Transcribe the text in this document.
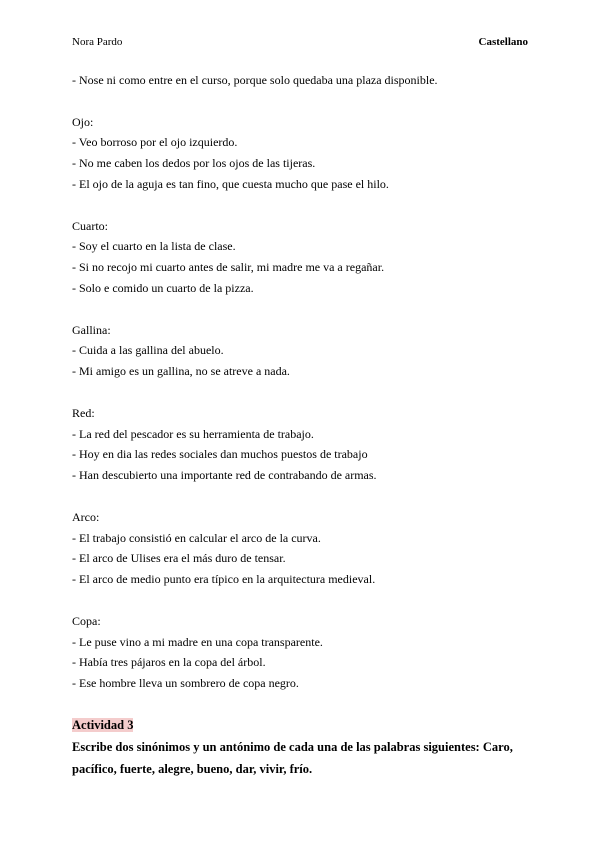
Nora Pardo	Castellano
- Nose ni como entre en el curso, porque solo quedaba una plaza disponible.
Ojo:
- Veo borroso por el ojo izquierdo.
- No me caben los dedos por los ojos de las tijeras.
- El ojo de la aguja es tan fino, que cuesta mucho que pase el hilo.
Cuarto:
- Soy el cuarto en la lista de clase.
- Si no recojo mi cuarto antes de salir, mi madre me va a regañar.
- Solo e comido un cuarto de la pizza.
Gallina:
- Cuida a las gallina del abuelo.
- Mi amigo es un gallina, no se atreve a nada.
Red:
- La red del pescador es su herramienta de trabajo.
- Hoy en dia las redes sociales dan muchos puestos de trabajo
- Han descubierto una importante red de contrabando de armas.
Arco:
- El trabajo consistió en calcular el arco de la curva.
- El arco de Ulises era el más duro de tensar.
- El arco de medio punto era típico en la arquitectura medieval.
Copa:
- Le puse vino a mi madre en una copa transparente.
- Había tres pájaros en la copa del árbol.
- Ese hombre lleva un sombrero de copa negro.
Actividad 3
Escribe dos sinónimos y un antónimo de cada una de las palabras siguientes: Caro, pacífico, fuerte, alegre, bueno, dar, vivir, frío.
